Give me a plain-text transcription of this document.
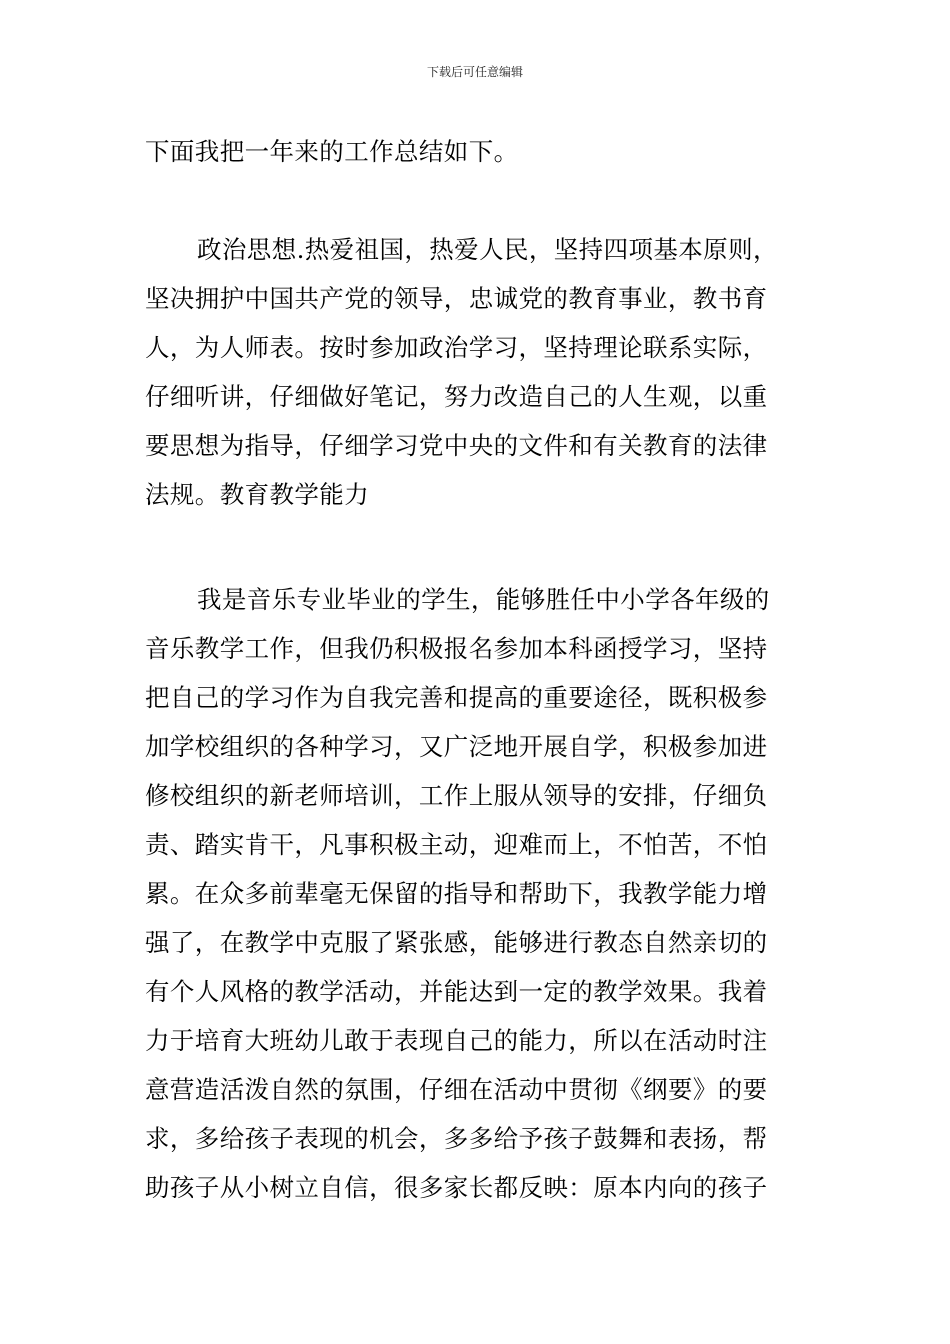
下载后可任意编辑
下面我把一年来的工作总结如下。
政治思想.热爱祖国，热爱人民，坚持四项基本原则，
坚决拥护中国共产党的领导，忠诚党的教育事业，教书育
人，为人师表。按时参加政治学习，坚持理论联系实际，
仔细听讲，仔细做好笔记，努力改造自己的人生观，以重
要思想为指导，仔细学习党中央的文件和有关教育的法律
法规。教育教学能力
我是音乐专业毕业的学生，能够胜任中小学各年级的
音乐教学工作，但我仍积极报名参加本科函授学习，坚持
把自己的学习作为自我完善和提高的重要途径，既积极参
加学校组织的各种学习，又广泛地开展自学，积极参加进
修校组织的新老师培训，工作上服从领导的安排，仔细负
责、踏实肯干，凡事积极主动，迎难而上，不怕苦，不怕
累。在众多前辈毫无保留的指导和帮助下，我教学能力增
强了，在教学中克服了紧张感，能够进行教态自然亲切的
有个人风格的教学活动，并能达到一定的教学效果。我着
力于培育大班幼儿敢于表现自己的能力，所以在活动时注
意营造活泼自然的氛围，仔细在活动中贯彻《纲要》的要
求，多给孩子表现的机会，多多给予孩子鼓舞和表扬，帮
助孩子从小树立自信，很多家长都反映：原本内向的孩子
